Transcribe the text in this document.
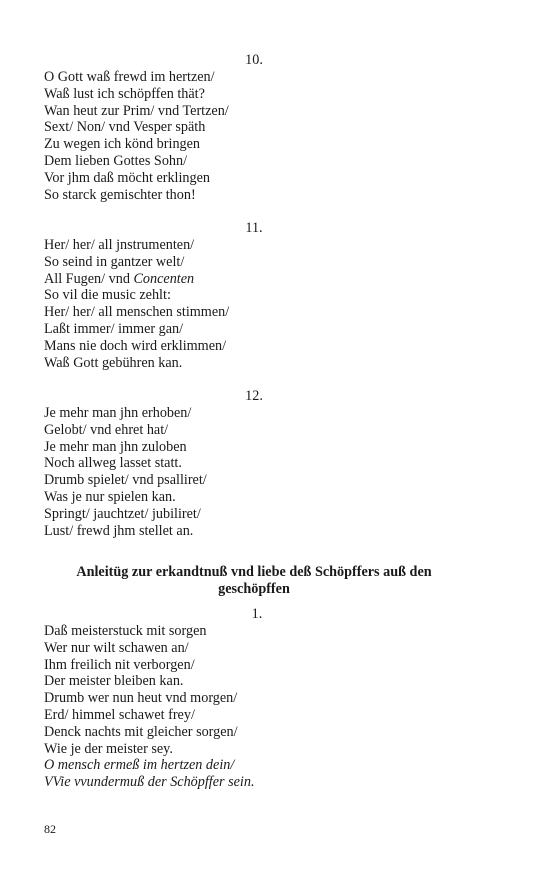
10.
O Gott waß frewd im hertzen/
Waß lust ich schöpffen thät?
Wan heut zur Prim/ vnd Tertzen/
Sext/ Non/ vnd Vesper späth
Zu wegen ich könd bringen
Dem lieben Gottes Sohn/
Vor jhm daß möcht erklingen
So starck gemischter thon!
11.
Her/ her/ all jnstrumenten/
So seind in gantzer welt/
All Fugen/ vnd Concenten
So vil die music zehlt:
Her/ her/ all menschen stimmen/
Laßt immer/ immer gan/
Mans nie doch wird erklimmen/
Waß Gott gebühren kan.
12.
Je mehr man jhn erhoben/
Gelobt/ vnd ehret hat/
Je mehr man jhn zuloben
Noch allweg lasset statt.
Drumb spielet/ vnd psalliret/
Was je nur spielen kan.
Springt/ jauchtzet/ jubiliret/
Lust/ frewd jhm stellet an.
Anleitüg zur erkandtnuß vnd liebe deß Schöpffers auß den
geschöpffen
1.
Daß meisterstuck mit sorgen
Wer nur wilt schawen an/
Ihm freilich nit verborgen/
Der meister bleiben kan.
Drumb wer nun heut vnd morgen/
Erd/ himmel schawet frey/
Denck nachts mit gleicher sorgen/
Wie je der meister sey.
O mensch ermeß im hertzen dein/
VVie vvundermuß der Schöpffer sein.
82
